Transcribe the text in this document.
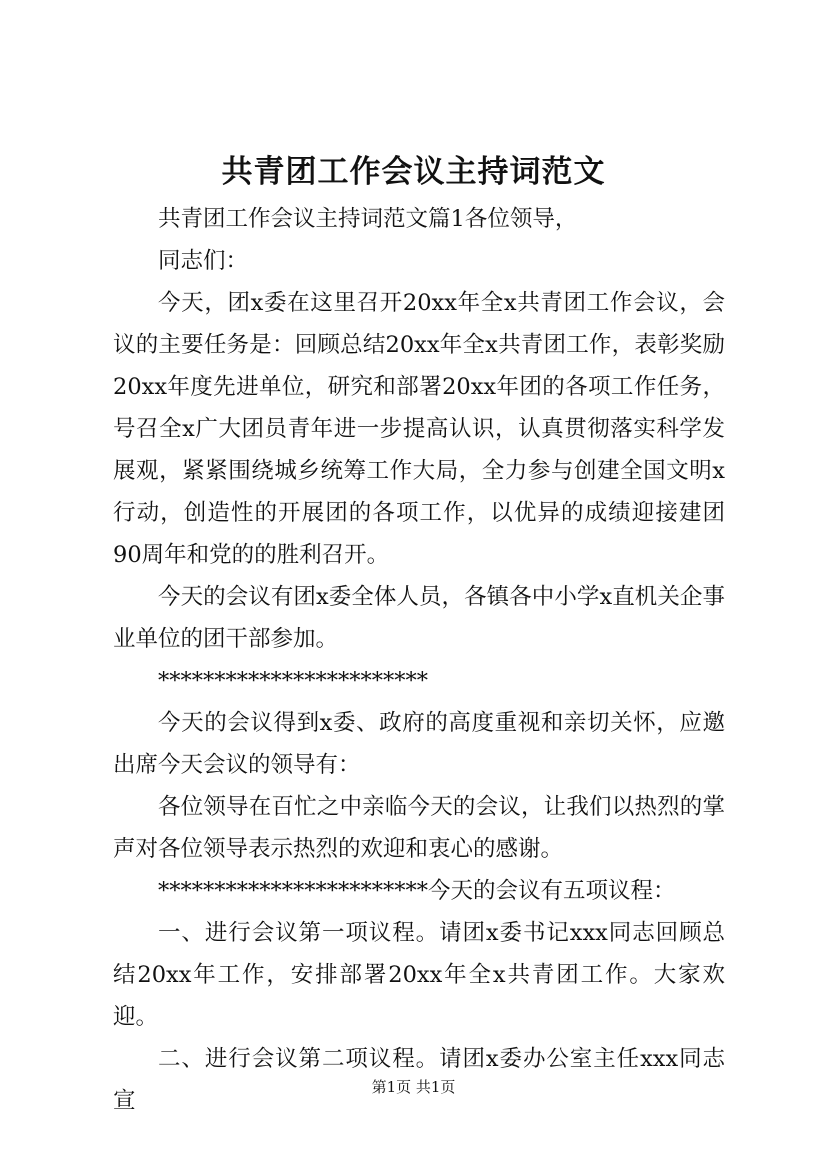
共青团工作会议主持词范文

共青团工作会议主持词范文篇1各位领导，

同志们：

今天，团x委在这里召开20xx年全x共青团工作会议，会议的主要任务是：回顾总结20xx年全x共青团工作，表彰奖励20xx年度先进单位，研究和部署20xx年团的各项工作任务，号召全x广大团员青年进一步提高认识，认真贯彻落实科学发展观，紧紧围绕城乡统筹工作大局，全力参与创建全国文明x行动，创造性的开展团的各项工作，以优异的成绩迎接建团90周年和党的的胜利召开。

今天的会议有团x委全体人员，各镇各中小学x直机关企事业单位的团干部参加。

************************

今天的会议得到x委、政府的高度重视和亲切关怀，应邀出席今天会议的领导有：

各位领导在百忙之中亲临今天的会议，让我们以热烈的掌声对各位领导表示热烈的欢迎和衷心的感谢。

************************今天的会议有五项议程：

一、进行会议第一项议程。请团x委书记xxx同志回顾总结20xx年工作，安排部署20xx年全x共青团工作。大家欢迎。

二、进行会议第二项议程。请团x委办公室主任xxx同志宣

第1页 共1页
